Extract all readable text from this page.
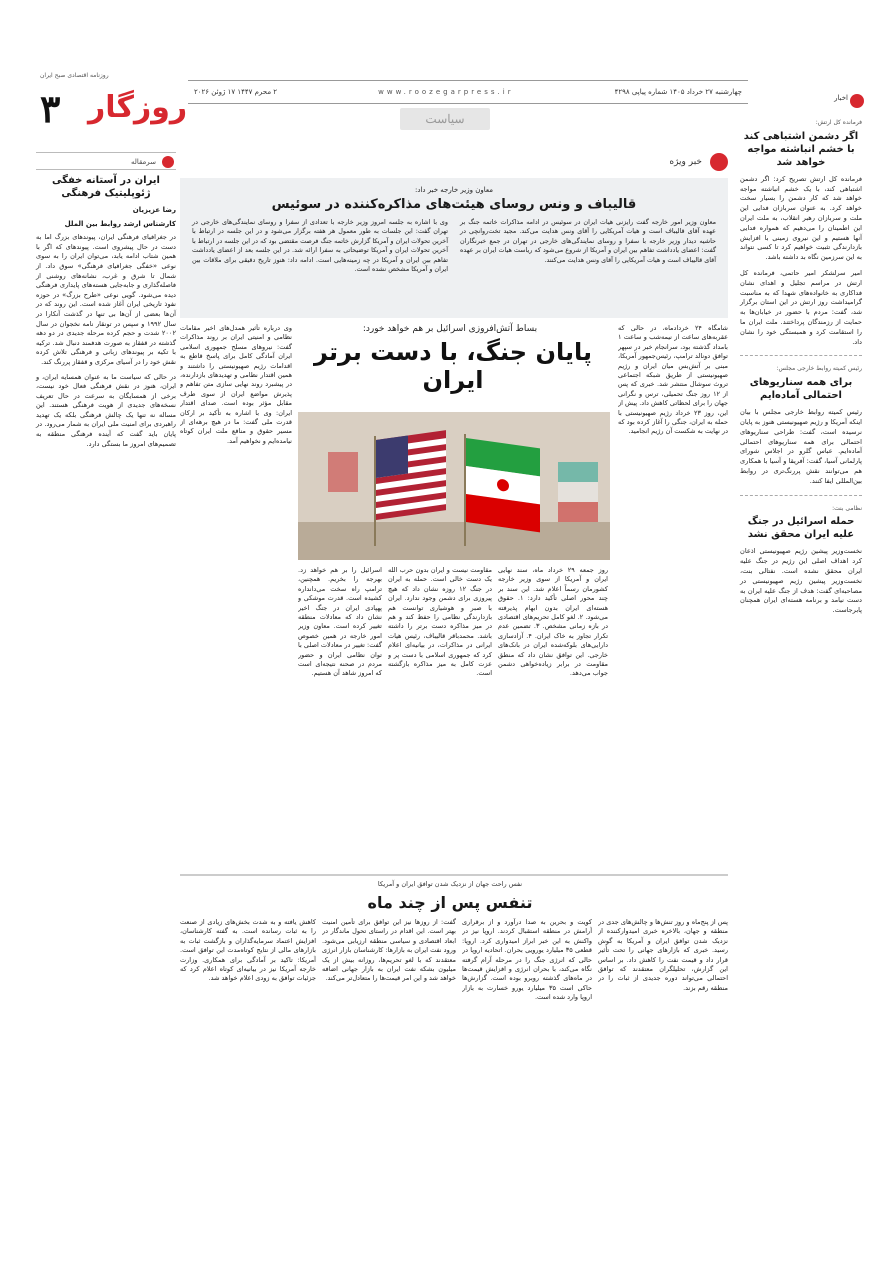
روزنامه اقتصادی صبح ایران
۳ روزگار	چهارشنبه ۲۷ خرداد ۱۴۰۵ شماره پیاپی ۴۲۹۸
www.roozegarpress.ir
۲ محرم ۱۴۴۷ ۱۷ ژوئن ۲۰۲۶
سیاست
اخبار
فرمانده کل ارتش:
اگر دشمن اشتباهی کند با خشم انباشته مواجه خواهد شد

فرمانده کل ارتش تصریح کرد: اگر دشمن اشتباهی کند، با یک خشم انباشته مواجه خواهد شد که کار دشمن را بسیار سخت خواهد کرد. به عنوان سربازان فدایی این ملت و سربازان رهبر انقلاب، به ملت ایران این اطمینان را می‌دهیم که همواره فدایی آنها هستیم و این نیروی زمینی با افزایش بازدارندگی تثبیت خواهیم کرد تا کسی نتواند به این سرزمین نگاه بد داشته باشد.

امیر سرلشکر امیر حاتمی، فرمانده کل ارتش در مراسم تجلیل و اهدای نشان فداکاری به خانواده‌های شهدا که به مناسبت گرامیداشت روز ارتش در این استان برگزار شد، گفت: مردم با حضور در خیابان‌ها به حمایت از رزمندگان پرداختند. ملت ایران ما را استقامت کرد و همبستگی خود را نشان داد.

رئیس کمیته روابط خارجی مجلس:
برای همه سناریوهای احتمالی آماده‌ایم

رئیس کمیته روابط خارجی مجلس با بیان اینکه آمریکا و رژیم صهیونیستی هنوز به پایان نرسیده است، گفت: طراحی سناریوهای احتمالی برای همه سناریوهای احتمالی آماده‌ایم. عباس گلرو در اجلاس شورای پارلمانی آسیا، گفت: آفریقا و آسیا با همکاری هم می‌توانند نقش پررنگ‌تری در روابط بین‌المللی ایفا کنند.

نظامی بنت:
حمله اسرائیل در جنگ علیه ایران محقق نشد

نخست‌وزیر پیشین رژیم صهیونیستی اذعان کرد اهداف اصلی این رژیم در جنگ علیه ایران محقق نشده است. نفتالی بنت، نخست‌وزیر پیشین رژیم صهیونیستی در مصاحبه‌ای گفت: هدف از جنگ علیه ایران به دست نیامد و برنامه هسته‌ای ایران همچنان پابرجاست.

سرمقاله
ایران در آستانه خفگی ژئوپلیتیک فرهنگی
رضا عزیزیان
کارشناس ارشد روابط بین الملل

در جغرافیای فرهنگی ایران، پیوندهای بزرگ اما به دست در حال پیشروی است. پیوندهای که اگر با همین شتاب ادامه یابد، می‌توان ایران را به سوی نوعی «خفگی جغرافیای فرهنگی» سوق داد. از شمال تا شرق و غرب، نشانه‌های روشنی از فاصله‌گذاری و جابه‌جایی هسته‌های پایداری فرهنگی دیده می‌شود. گویی نوعی «طرح بزرگ» در حوزه نفوذ تاریخی ایران آغاز شده است. این روند که در آن‌ها بعضی از آن‌ها بی تنها در گذشت آنکارا در سال ۱۹۹۲ و سپس در تونقار نامه نخجوان در سال ۲۰۰۲ شدت و حجم کرده مرحله جدیدی در دو دهه گذشته در قفقاز به صورت هدفمند دنبال شد. ترکیه با تکیه بر پیوندهای زبانی و فرهنگی تلاش کرده نقش خود را در آسیای مرکزی و قفقاز پررنگ کند.

در حالی که سیاست ما به عنوان همسایه ایران، و ایران، هنوز در نقش فرهنگی فعال خود نیست، برخی از همسایگان به سرعت در حال تعریف نسخه‌های جدیدی از هویت فرهنگی هستند. این مساله نه تنها یک چالش فرهنگی بلکه یک تهدید راهبردی برای امنیت ملی ایران به شمار می‌رود. در پایان باید گفت که آینده فرهنگی منطقه به تصمیم‌های امروز ما بستگی دارد.

خبر ویژه
معاون وزیر خارجه خبر داد:
قالیباف و ونس روسای هیئت‌های مذاکره‌کننده در سوئیس
معاون وزیر امور خارجه گفت رایزنی هیات ایران در سوئیس در ادامه مذاکرات خاتمه جنگ بر عهده آقای قالیباف است و هیات آمریکایی را آقای ونس هدایت می‌کند. مجید تخت‌روانچی در حاشیه دیدار وزیر خارجه با سفرا و روسای نمایندگی‌های خارجی در تهران در جمع خبرنگاران گفت: اعضای یادداشت تفاهم بین ایران و آمریکا از شروع می‌شود که ریاست هیات ایران بر عهده آقای قالیباف است و هیات آمریکایی را آقای ونس هدایت می‌کنند.
وی با اشاره به جلسه امروز وزیر خارجه با تعدادی از سفرا و روسای نمایندگی‌های خارجی در تهران گفت: این جلسات به طور معمول هر هفته برگزار می‌شود و در این جلسه در ارتباط با آخرین تحولات ایران و آمریکا گزارش خاتمه جنگ فرصت مقتضی بود که در این جلسه در ارتباط با آخرین تحولات ایران و آمریکا توضیحاتی به سفرا ارائه شد. در این جلسه بعد از اعضای یادداشت تفاهم بین ایران و آمریکا در چه زمینه‌هایی است. ادامه داد: هنوز تاریخ دقیقی برای ملاقات بین ایران و آمریکا مشخص نشده است.
بساط آتش‌افروزی اسرائیل بر هم خواهد خورد:
پایان جنگ، با دست برتر ایران
شامگاه ۲۴ خردادماه، در حالی که عقربه‌های ساعت از نیمه‌شب و ساعت ۱ بامداد گذشته بود، سرانجام خبر در سپهر توافق دونالد ترامپ، رئیس‌جمهور آمریکا، مبنی بر آتش‌بس میان ایران و رژیم صهیونیستی از طریق شبکه اجتماعی تروث سوشال منتشر شد. خبری که پس از ۱۲ روز جنگ تحمیلی، ترس و نگرانی جهان را برای لحظاتی کاهش داد. پیش از این، روز ۲۳ خرداد رژیم صهیونیستی با حمله به ایران، جنگی را آغاز کرده بود که در نهایت به شکست آن رژیم انجامید.
روز جمعه ۲۹ خرداد ماه، سند نهایی ایران و آمریکا از سوی وزیر خارجه کشورمان رسماً اعلام شد. این سند بر چند محور اصلی تأکید دارد: ۱. حقوق هسته‌ای ایران بدون ابهام پذیرفته می‌شود. ۲. لغو کامل تحریم‌های اقتصادی در بازه زمانی مشخص. ۳. تضمین عدم تکرار تجاوز به خاک ایران. ۴. آزادسازی دارایی‌های بلوکه‌شده ایران در بانک‌های خارجی. این توافق نشان داد که منطق مقاومت در برابر زیاده‌خواهی دشمن جواب می‌دهد.
مقاومت نیست و ایران بدون حرب الله یک دست خالی است. حمله به ایران در جنگ ۱۲ روزه نشان داد که هیچ پیروزی برای دشمن وجود ندارد. ایران با صبر و هوشیاری توانست هم بازدارندگی نظامی را حفظ کند و هم در میز مذاکره دست برتر را داشته باشد. محمدباقر قالیباف، رئیس هیات ایرانی در مذاکرات، در بیانیه‌ای اعلام کرد که جمهوری اسلامی با دست پر و عزت کامل به میز مذاکره بازگشته است.
اسرائیل را بر هم خواهد زد. بهرجه را بخریم. همچنین، ترامپ راه سخت می‌دانداره کشیده است. قدرت موشکی و پهپادی ایران در جنگ اخیر نشان داد که معادلات منطقه تغییر کرده است. معاون وزیر امور خارجه در همین خصوص گفت: تغییر در معادلات اصلی با توان نظامی ایران و حضور مردم در صحنه نتیجه‌ای است که امروز شاهد آن هستیم.
وی درباره تأثیر همدل‌های اخیر مقامات نظامی و امنیتی ایران بر روند مذاکرات گفت: نیروهای مسلح جمهوری اسلامی ایران آمادگی کامل برای پاسخ قاطع به اقدامات رژیم صهیونیستی را داشتند و همین اقتدار نظامی و تهدیدهای بازدارنده، در پیشبرد روند نهایی سازی متن تفاهم و پذیرش مواضع ایران از سوی طرف مقابل مؤثر بوده است. صدای اقتدار ایران: وی با اشاره به تأکید بر ارکان قدرت ملی گفت: ما در هیچ برهه‌ای از مسیر حقوق و منافع ملت ایران کوتاه نیامده‌ایم و نخواهیم آمد.
نفس راحت جهان از نزدیک شدن توافق ایران و آمریکا
تنفس پس از چند ماه
پس از پنج‌ماه و روز تنش‌ها و چالش‌های جدی در منطقه و جهان، بالاخره خبری امیدوارکننده از نزدیک شدن توافق ایران و آمریکا به گوش رسید. خبری که بازارهای جهانی را تحت تأثیر قرار داد و قیمت نفت را کاهش داد. بر اساس این گزارش، تحلیلگران معتقدند که توافق احتمالی می‌تواند دوره جدیدی از ثبات را در منطقه رقم بزند.
کویت و بحرین به صدا درآورد و از برقراری آرامش در منطقه استقبال کردند. اروپا نیز در واکنش به این خبر ابراز امیدواری کرد. اروپا: قطعی ۳۵ میلیارد یورویی بحران. اتحادیه اروپا در حالی که انرژی جنگ را در مرحله آرام گرفته نگاه می‌کند، با بحران انرژی و افزایش قیمت‌ها در ماه‌های گذشته روبرو بوده است. گزارش‌ها حاکی است ۳۵ میلیارد یورو خسارت به بازار اروپا وارد شده است.
گفت: از روزها نیز این توافق برای تأمین امنیت بهتر است. این اقدام در راستای تحول ماندگار در ابعاد اقتصادی و سیاسی منطقه ارزیابی می‌شود. ورود نفت ایران به بازارها: کارشناسان بازار انرژی معتقدند که با لغو تحریم‌ها، روزانه بیش از یک میلیون بشکه نفت ایران به بازار جهانی اضافه خواهد شد و این امر قیمت‌ها را متعادل‌تر می‌کند.
کاهش یافته و به شدت بخش‌های زیادی از صنعت را به ثبات رسانده است. به گفته کارشناسان، افزایش اعتماد سرمایه‌گذاران و بازگشت ثبات به بازارهای مالی از نتایج کوتاه‌مدت این توافق است. آمریکا: تاکید بر آمادگی برای همکاری. وزارت خارجه آمریکا نیز در بیانیه‌ای کوتاه اعلام کرد که جزئیات توافق به زودی اعلام خواهد شد.
